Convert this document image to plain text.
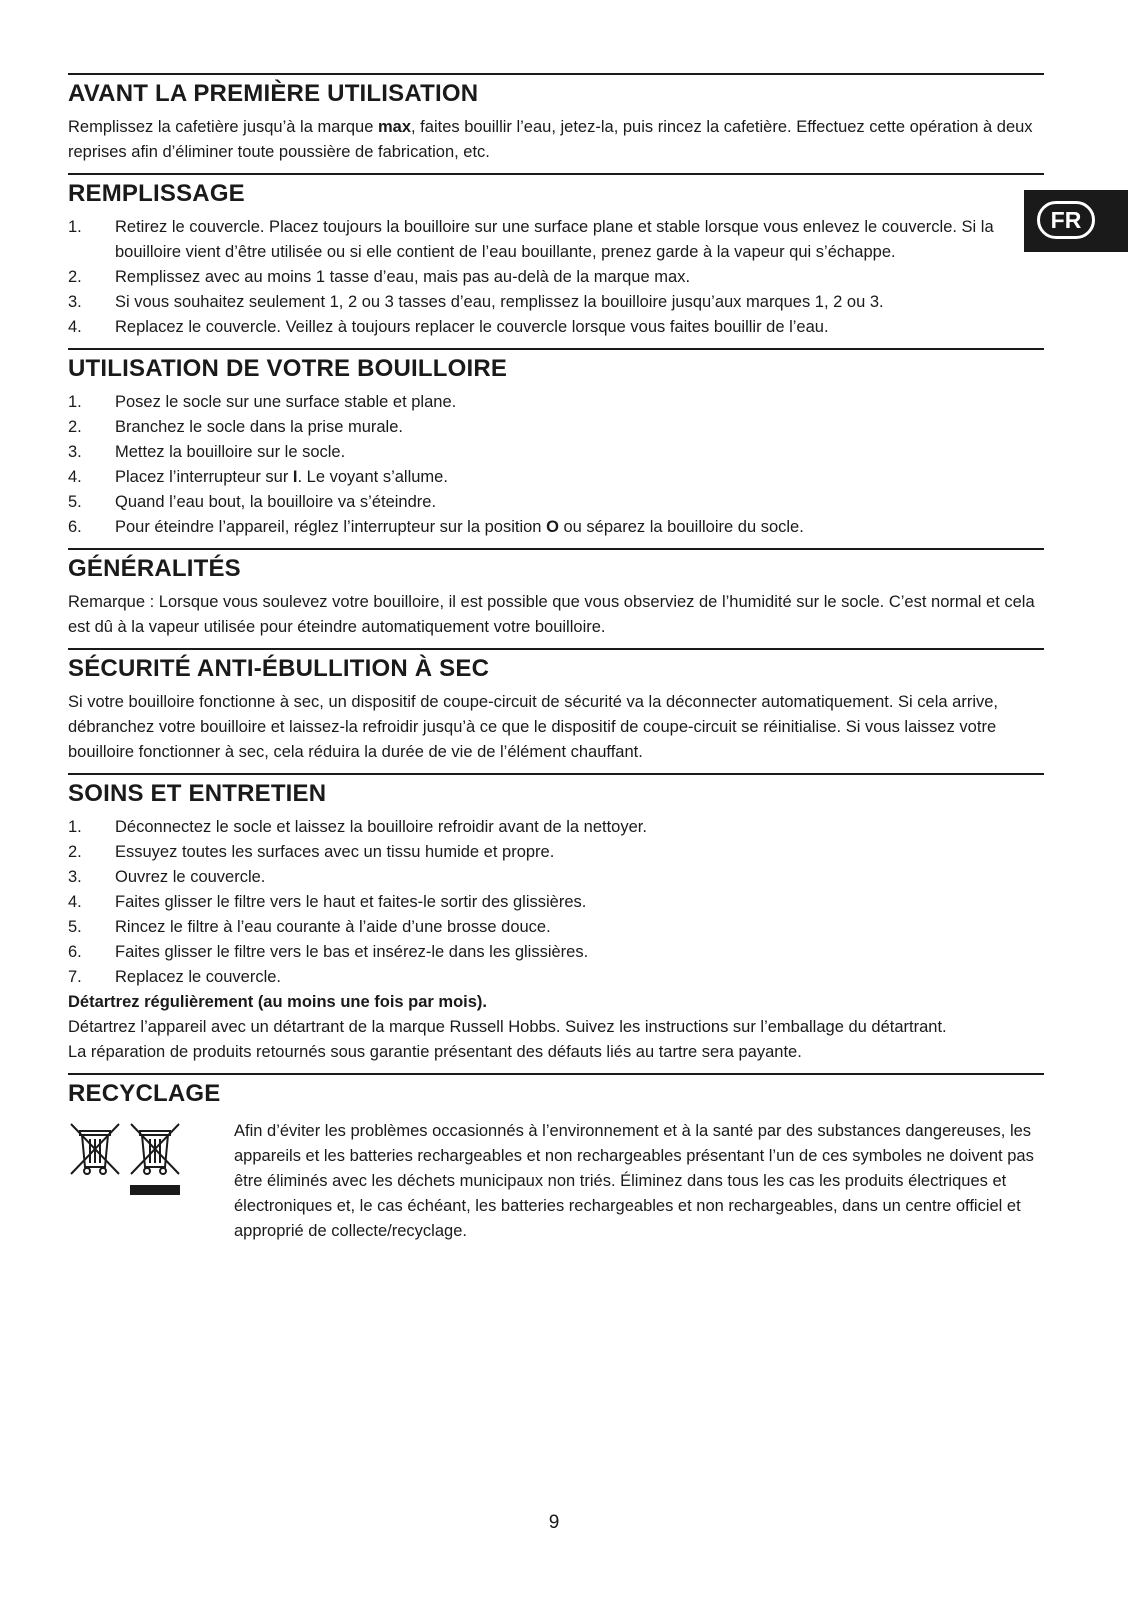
FR
AVANT LA PREMIÈRE UTILISATION

Remplissez la cafetière jusqu’à la marque max, faites bouillir l’eau, jetez-la, puis rincez la cafetière. Effectuez cette opération à deux reprises afin d’éliminer toute poussière de fabrication, etc.

REMPLISSAGE
1. Retirez le couvercle. Placez toujours la bouilloire sur une surface plane et stable lorsque vous enlevez le couvercle. Si la bouilloire vient d’être utilisée ou si elle contient de l’eau bouillante, prenez garde à la vapeur qui s’échappe.
2. Remplissez avec au moins 1 tasse d’eau, mais pas au-delà de la marque max.
3. Si vous souhaitez seulement 1, 2 ou 3 tasses d’eau, remplissez la bouilloire jusqu’aux marques 1, 2 ou 3.
4. Replacez le couvercle. Veillez à toujours replacer le couvercle lorsque vous faites bouillir de l’eau.
UTILISATION DE VOTRE BOUILLOIRE
1. Posez le socle sur une surface stable et plane.
2. Branchez le socle dans la prise murale.
3. Mettez la bouilloire sur le socle.
4. Placez l’interrupteur sur I. Le voyant s’allume.
5. Quand l’eau bout, la bouilloire va s’éteindre.
6. Pour éteindre l’appareil, réglez l’interrupteur sur la position O ou séparez la bouilloire du socle.
GÉNÉRALITÉS

Remarque : Lorsque vous soulevez votre bouilloire, il est possible que vous observiez de l’humidité sur le socle. C’est normal et cela est dû à la vapeur utilisée pour éteindre automatiquement votre bouilloire.

SÉCURITÉ ANTI-ÉBULLITION À SEC

Si votre bouilloire fonctionne à sec, un dispositif de coupe-circuit de sécurité va la déconnecter automatiquement. Si cela arrive, débranchez votre bouilloire et laissez-la refroidir jusqu’à ce que le dispositif de coupe-circuit se réinitialise. Si vous laissez votre bouilloire fonctionner à sec, cela réduira la durée de vie de l’élément chauffant.

SOINS ET ENTRETIEN
1. Déconnectez le socle et laissez la bouilloire refroidir avant de la nettoyer.
2. Essuyez toutes les surfaces avec un tissu humide et propre.
3. Ouvrez le couvercle.
4. Faites glisser le filtre vers le haut et faites-le sortir des glissières.
5. Rincez le filtre à l’eau courante à l’aide d’une brosse douce.
6. Faites glisser le filtre vers le bas et insérez-le dans les glissières.
7. Replacez le couvercle.

Détartrez régulièrement (au moins une fois par mois).

Détartrez l’appareil avec un détartrant de la marque Russell Hobbs. Suivez les instructions sur l’emballage du détartrant.

La réparation de produits retournés sous garantie présentant des défauts liés au tartre sera payante.

RECYCLAGE

Afin d’éviter les problèmes occasionnés à l’environnement et à la santé par des substances dangereuses, les appareils et les batteries rechargeables et non rechargeables présentant l’un de ces symboles ne doivent pas être éliminés avec les déchets municipaux non triés. Éliminez dans tous les cas les produits électriques et électroniques et, le cas échéant, les batteries rechargeables et non rechargeables, dans un centre officiel et approprié de collecte/recyclage.

9
